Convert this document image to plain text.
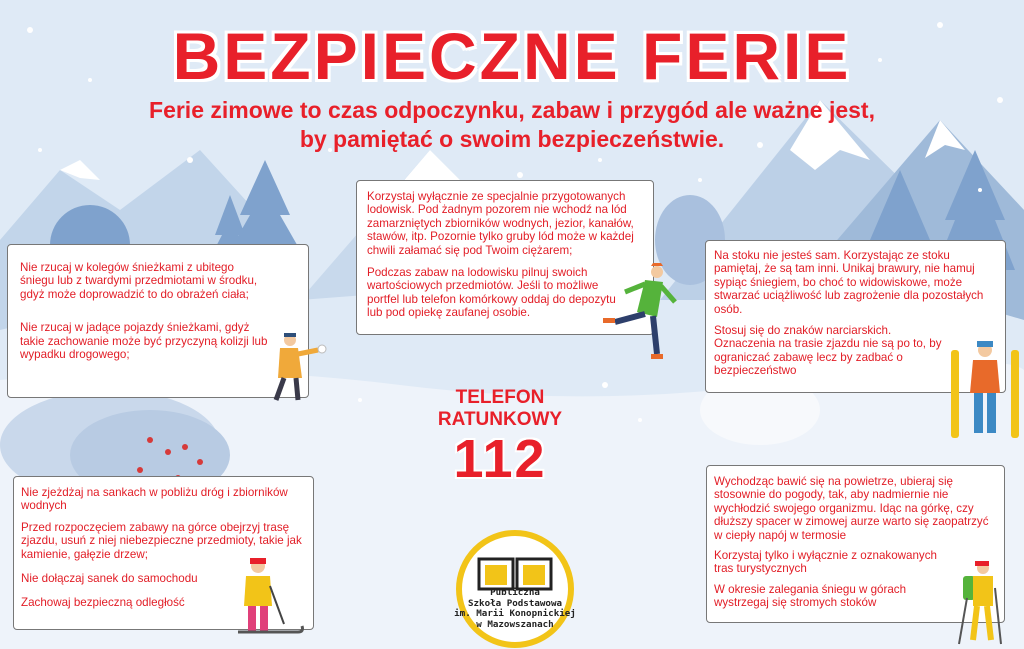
BEZPIECZNE FERIE
Ferie zimowe to czas odpoczynku, zabaw i przygód ale ważne jest,
by pamiętać o swoim bezpieczeństwie.

Nie rzucaj w kolegów śnieżkami z ubitego śniegu lub z twardymi przedmiotami w środku, gdyż może doprowadzić to do obrażeń ciała;

Nie rzucaj w jadące pojazdy śnieżkami, gdyż takie zachowanie może być przyczyną kolizji lub wypadku drogowego;

Korzystaj wyłącznie ze specjalnie przygotowanych lodowisk. Pod żadnym pozorem nie wchodź na lód zamarzniętych zbiorników wodnych, jezior, kanałów, stawów, itp. Pozornie tylko gruby lód może w każdej chwili załamać się pod Twoim ciężarem;

Podczas zabaw na lodowisku pilnuj swoich wartościowych przedmiotów. Jeśli to możliwe portfel lub telefon komórkowy oddaj do depozytu lub pod opiekę zaufanej osobie.

Na stoku nie jesteś sam. Korzystając ze stoku pamiętaj, że są tam inni. Unikaj brawury, nie hamuj sypiąc śniegiem, bo choć to widowiskowe, może stwarzać uciążliwość lub zagrożenie dla pozostałych osób.

Stosuj się do znaków narciarskich. Oznaczenia na trasie zjazdu nie są po to, by ograniczać zabawę lecz by zadbać o bezpieczeństwo

Nie zjeżdżaj na sankach w pobliżu dróg i zbiorników wodnych

Przed rozpoczęciem zabawy na górce obejrzyj trasę zjazdu, usuń z niej niebezpieczne przedmioty, takie jak kamienie, gałęzie drzew;

Nie dołączaj sanek do samochodu

Zachowaj bezpieczną odległość

Wychodząc bawić się na powietrze, ubieraj się stosownie do pogody, tak, aby nadmiernie nie wychłodzić swojego organizmu. Idąc na górkę, czy dłuższy spacer w zimowej aurze warto się zaopatrzyć w ciepły napój w termosie

Korzystaj tylko i wyłącznie z oznakowanych tras turystycznych

W okresie zalegania śniegu w górach wystrzegaj się stromych stoków

TELEFON
RATUNKOWY
112
Publiczna
Szkoła Podstawowa
im. Marii Konopnickiej
w Mazowszanach
